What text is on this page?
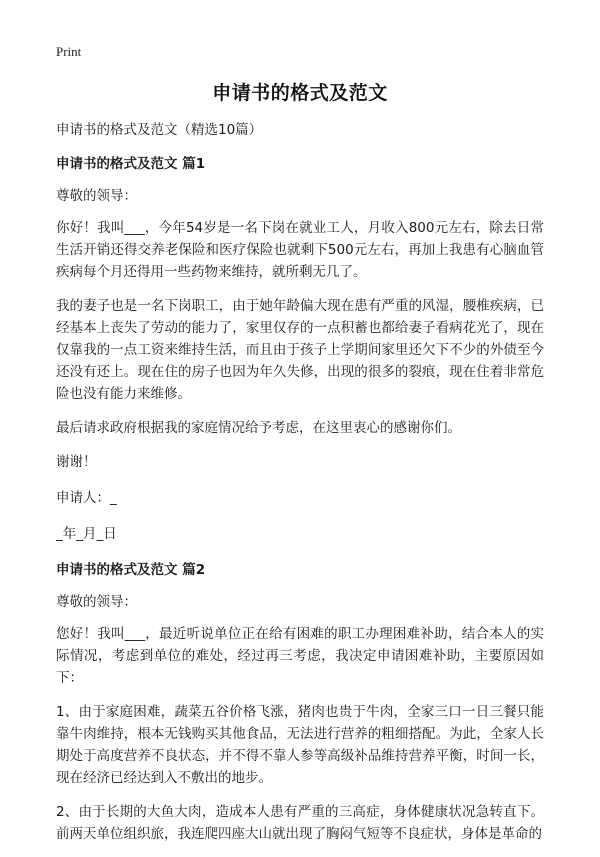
Print
申请书的格式及范文

申请书的格式及范文（精选10篇）

申请书的格式及范文 篇1

尊敬的领导：

你好！我叫___，今年54岁是一名下岗在就业工人，月收入800元左右，除去日常生活开销还得交养老保险和医疗保险也就剩下500元左右，再加上我患有心脑血管疾病每个月还得用一些药物来维持，就所剩无几了。

我的妻子也是一名下岗职工，由于她年龄偏大现在患有严重的风湿，腰椎疾病，已经基本上丧失了劳动的能力了，家里仅存的一点积蓄也都给妻子看病花光了，现在仅靠我的一点工资来维持生活，而且由于孩子上学期间家里还欠下不少的外债至今还没有还上。现在住的房子也因为年久失修，出现的很多的裂痕，现在住着非常危险也没有能力来维修。

最后请求政府根据我的家庭情况给予考虑，在这里衷心的感谢你们。

谢谢！

申请人：_

_年_月_日

申请书的格式及范文 篇2

尊敬的领导：

您好！我叫___，最近听说单位正在给有困难的职工办理困难补助，结合本人的实际情况，考虑到单位的难处，经过再三考虑，我决定申请困难补助，主要原因如下：

1、由于家庭困难，蔬菜五谷价格飞涨，猪肉也贵于牛肉，全家三口一日三餐只能靠牛肉维持，根本无钱购买其他食品，无法进行营养的粗细搭配。为此，全家人长期处于高度营养不良状态，并不得不靠人参等高级补品维持营养平衡，时间一长，现在经济已经达到入不敷出的地步。

2、由于长期的大鱼大肉，造成本人患有严重的三高症，身体健康状况急转直下。前两天单位组织旅，我连爬四座大山就出现了胸闷气短等不良症状，身体是革命的
